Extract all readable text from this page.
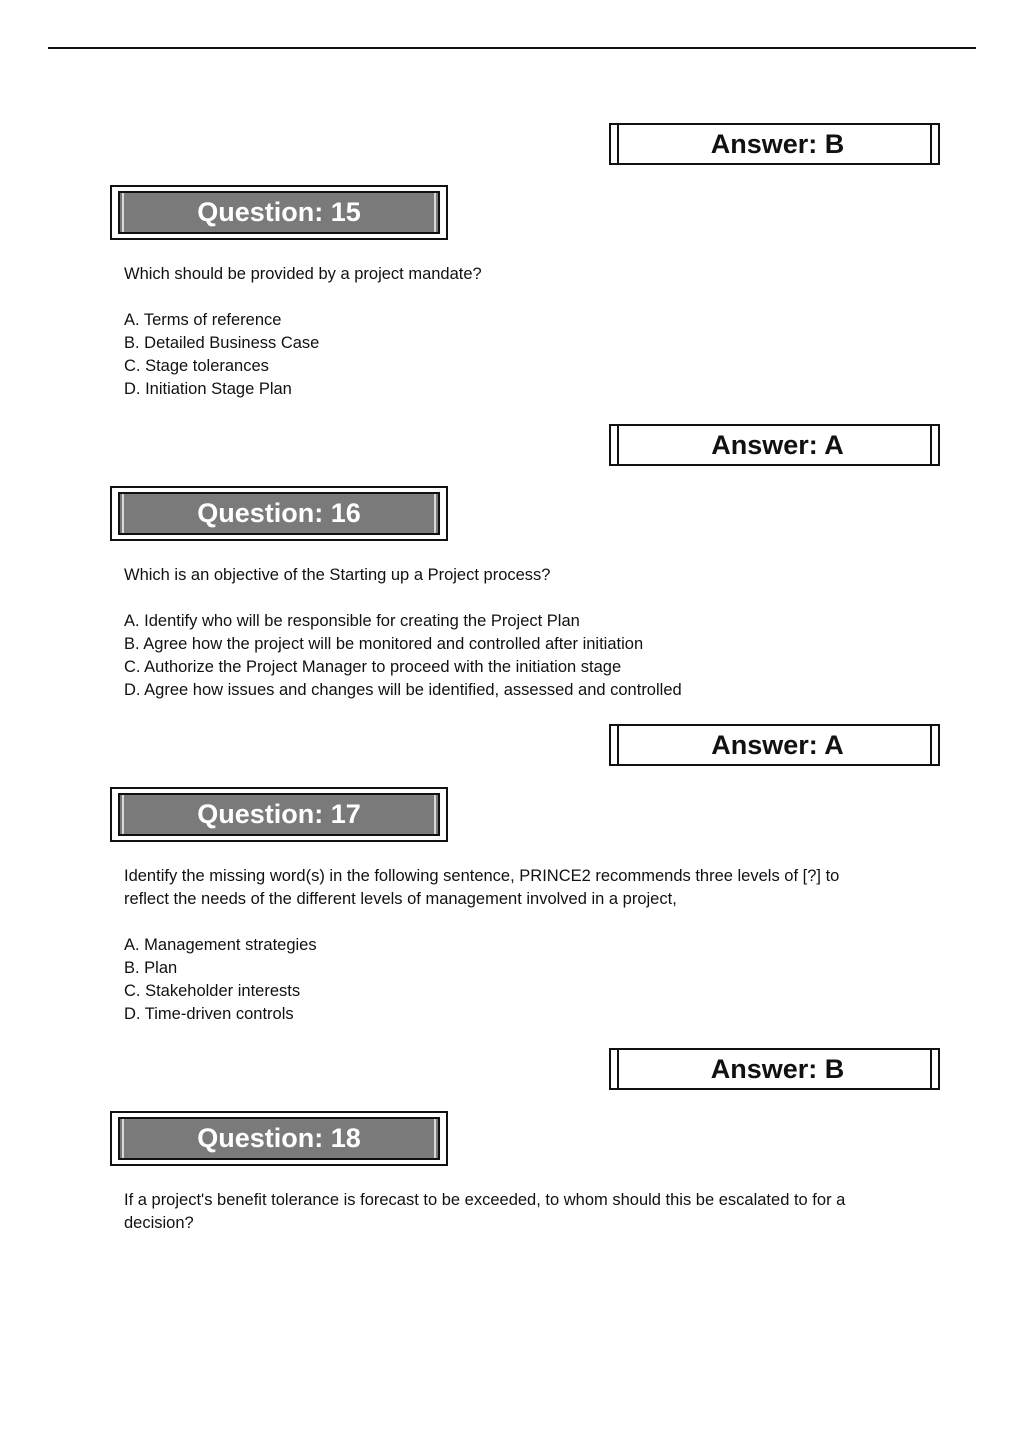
Answer: B
Question: 15

Which should be provided by a project mandate?

A. Terms of reference

B. Detailed Business Case

C. Stage tolerances

D. Initiation Stage Plan

Answer: A
Question: 16

Which is an objective of the Starting up a Project process?

A. Identify who will be responsible for creating the Project Plan

B. Agree how the project will be monitored and controlled after initiation

C. Authorize the Project Manager to proceed with the initiation stage

D. Agree how issues and changes will be identified, assessed and controlled

Answer: A
Question: 17

Identify the missing word(s) in the following sentence, PRINCE2 recommends three levels of [?] to

reflect the needs of the different levels of management involved in a project,

A. Management strategies

B. Plan

C. Stakeholder interests

D. Time-driven controls

Answer: B
Question: 18

If a project's benefit tolerance is forecast to be exceeded, to whom should this be escalated to for a

decision?
